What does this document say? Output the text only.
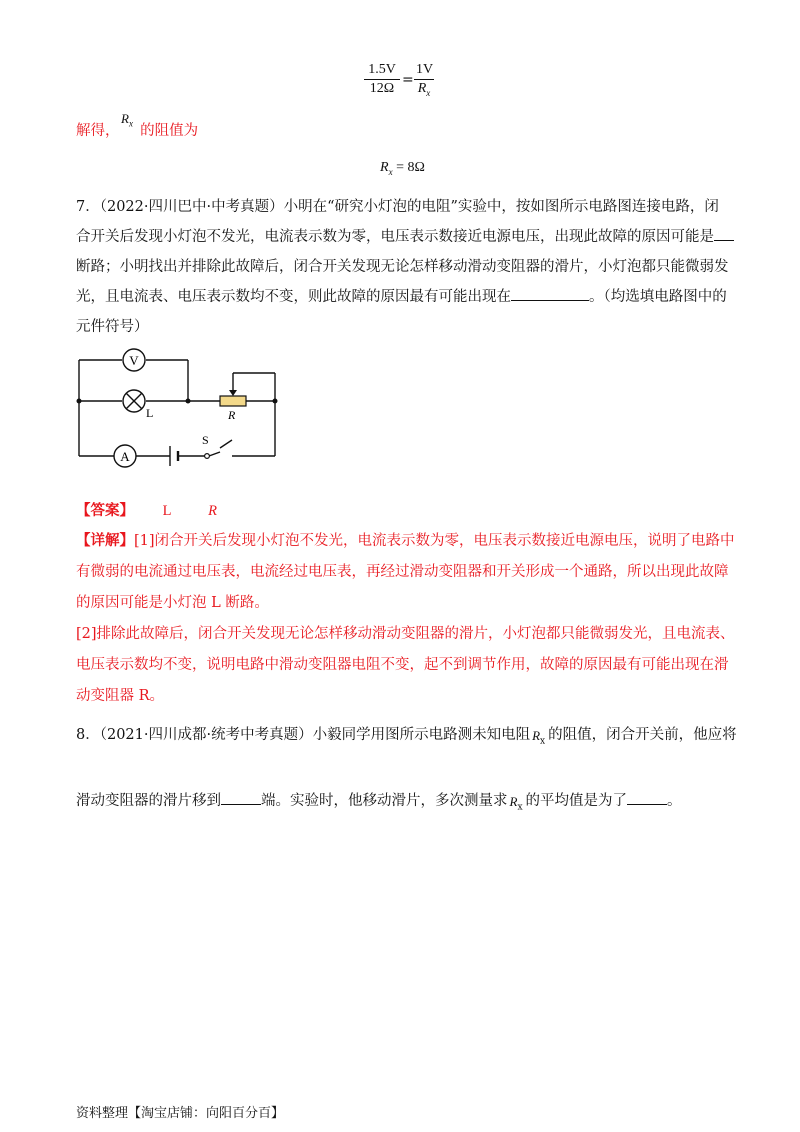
1.5V
12Ω
=
1V
$R_x$
解得，
$R_x$ 的阻值为
$R_x = 8\Omega$
7．（2022·四川巴中·中考真题）小明在“研究小灯泡的电阻”实验中，按如图所示电路图连接电路，闭
合开关后发现小灯泡不发光，电流表示数为零，电压表示数接近电源电压，出现此故障的原因可能是
断路；小明找出并排除此故障后，闭合开关发现无论怎样移动滑动变阻器的滑片，小灯泡都只能微弱发
光，且电流表、电压表示数均不变，则此故障的原因最有可能出现在	。（均选填电路图中的
元件符号）
V
L	R
A
S
【答案】 L	R
【详解】[1]闭合开关后发现小灯泡不发光，电流表示数为零，电压表示数接近电源电压，说明了电路中
有微弱的电流通过电压表，电流经过电压表，再经过滑动变阻器和开关形成一个通路，所以出现此故障
的原因可能是小灯泡 L 断路。
[2]排除此故障后，闭合开关发现无论怎样移动滑动变阻器的滑片，小灯泡都只能微弱发光，且电流表、
电压表示数均不变，说明电路中滑动变阻器电阻不变，起不到调节作用，故障的原因最有可能出现在滑
动变阻器 R。
8．（2021·四川成都·统考中考真题）小毅同学用图所示电路测未知电阻 $R_x$ 的阻值，闭合开关前，他应将
滑动变阻器的滑片移到	端。实验时，他移动滑片，多次测量求 $R_x$ 的平均值是为了	。
资料整理【淘宝店铺：向阳百分百】
